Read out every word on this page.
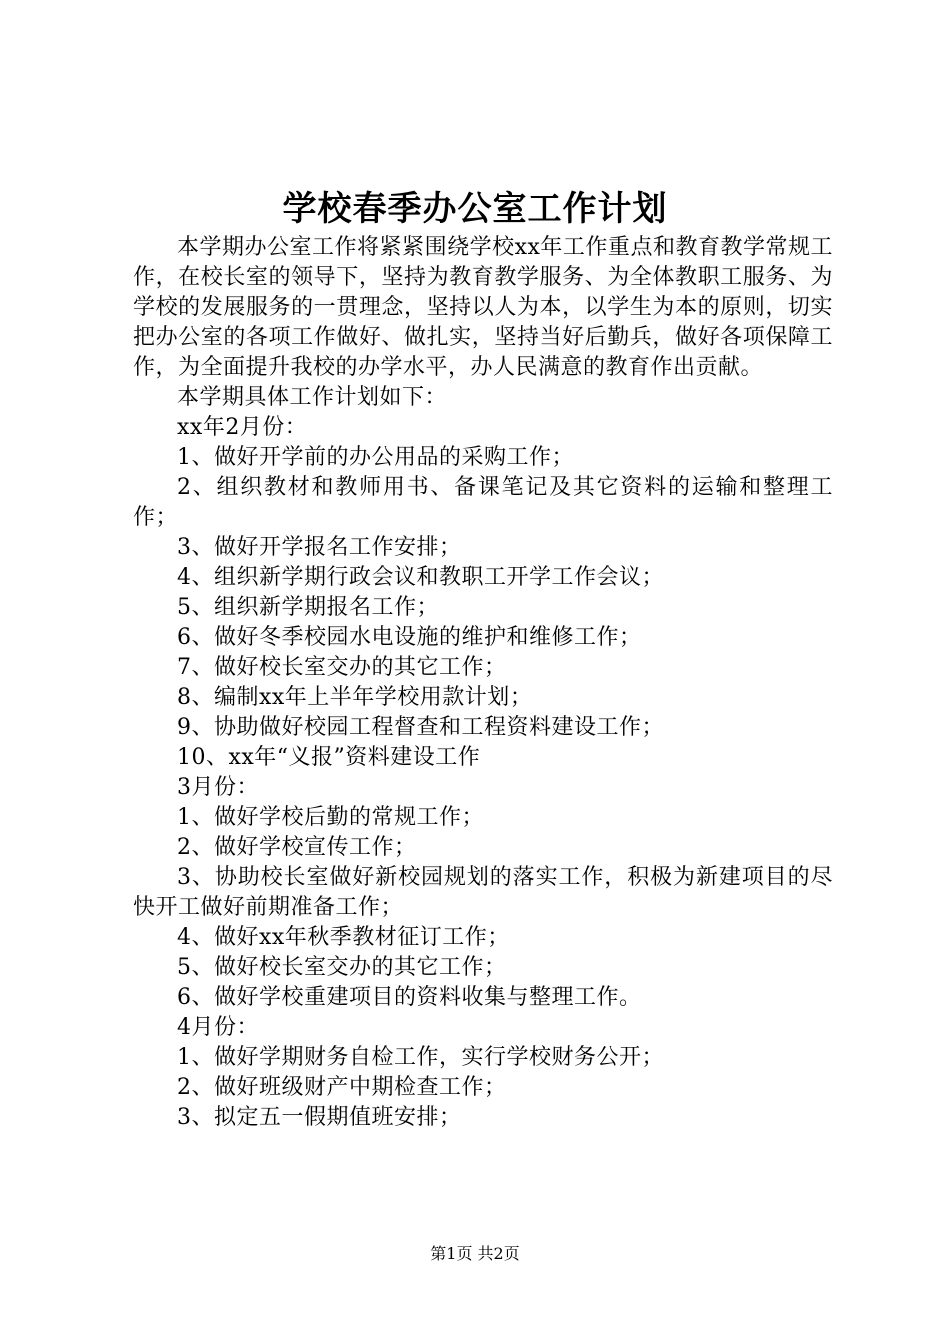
学校春季办公室工作计划

本学期办公室工作将紧紧围绕学校xx年工作重点和教育教学常规工作，在校长室的领导下，坚持为教育教学服务、为全体教职工服务、为学校的发展服务的一贯理念，坚持以人为本，以学生为本的原则，切实把办公室的各项工作做好、做扎实，坚持当好后勤兵，做好各项保障工作，为全面提升我校的办学水平，办人民满意的教育作出贡献。

本学期具体工作计划如下：

xx年2月份：

1、做好开学前的办公用品的采购工作；

2、组织教材和教师用书、备课笔记及其它资料的运输和整理工作；

3、做好开学报名工作安排；

4、组织新学期行政会议和教职工开学工作会议；

5、组织新学期报名工作；

6、做好冬季校园水电设施的维护和维修工作；

7、做好校长室交办的其它工作；

8、编制xx年上半年学校用款计划；

9、协助做好校园工程督查和工程资料建设工作；

10、xx年“义报”资料建设工作

3月份：

1、做好学校后勤的常规工作；

2、做好学校宣传工作；

3、协助校长室做好新校园规划的落实工作，积极为新建项目的尽快开工做好前期准备工作；

4、做好xx年秋季教材征订工作；

5、做好校长室交办的其它工作；

6、做好学校重建项目的资料收集与整理工作。

4月份：

1、做好学期财务自检工作，实行学校财务公开；

2、做好班级财产中期检查工作；

3、拟定五一假期值班安排；

第1页 共2页
